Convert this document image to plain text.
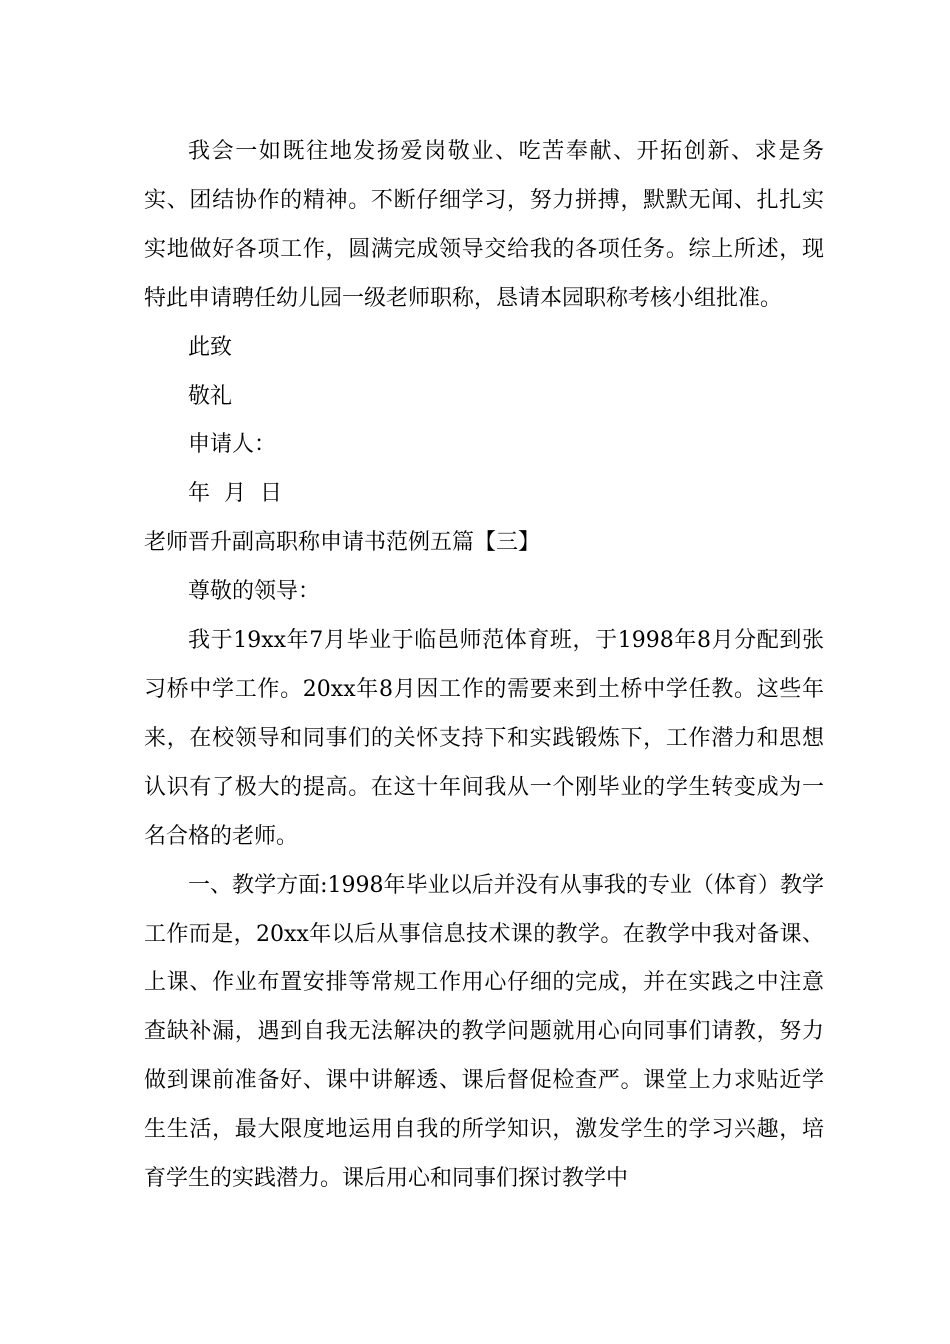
我会一如既往地发扬爱岗敬业、吃苦奉献、开拓创新、求是务实、团结协作的精神。不断仔细学习，努力拼搏，默默无闻、扎扎实实地做好各项工作，圆满完成领导交给我的各项任务。综上所述，现特此申请聘任幼儿园一级老师职称，恳请本园职称考核小组批准。

此致

敬礼

申请人：

年  月  日

老师晋升副高职称申请书范例五篇【三】

尊敬的领导：

我于19xx年7月毕业于临邑师范体育班，于1998年8月分配到张习桥中学工作。20xx年8月因工作的需要来到土桥中学任教。这些年来，在校领导和同事们的关怀支持下和实践锻炼下，工作潜力和思想认识有了极大的提高。在这十年间我从一个刚毕业的学生转变成为一名合格的老师。

一、教学方面:1998年毕业以后并没有从事我的专业（体育）教学工作而是，20xx年以后从事信息技术课的教学。在教学中我对备课、上课、作业布置安排等常规工作用心仔细的完成，并在实践之中注意查缺补漏，遇到自我无法解决的教学问题就用心向同事们请教，努力做到课前准备好、课中讲解透、课后督促检查严。课堂上力求贴近学生生活，最大限度地运用自我的所学知识，激发学生的学习兴趣，培育学生的实践潜力。课后用心和同事们探讨教学中
